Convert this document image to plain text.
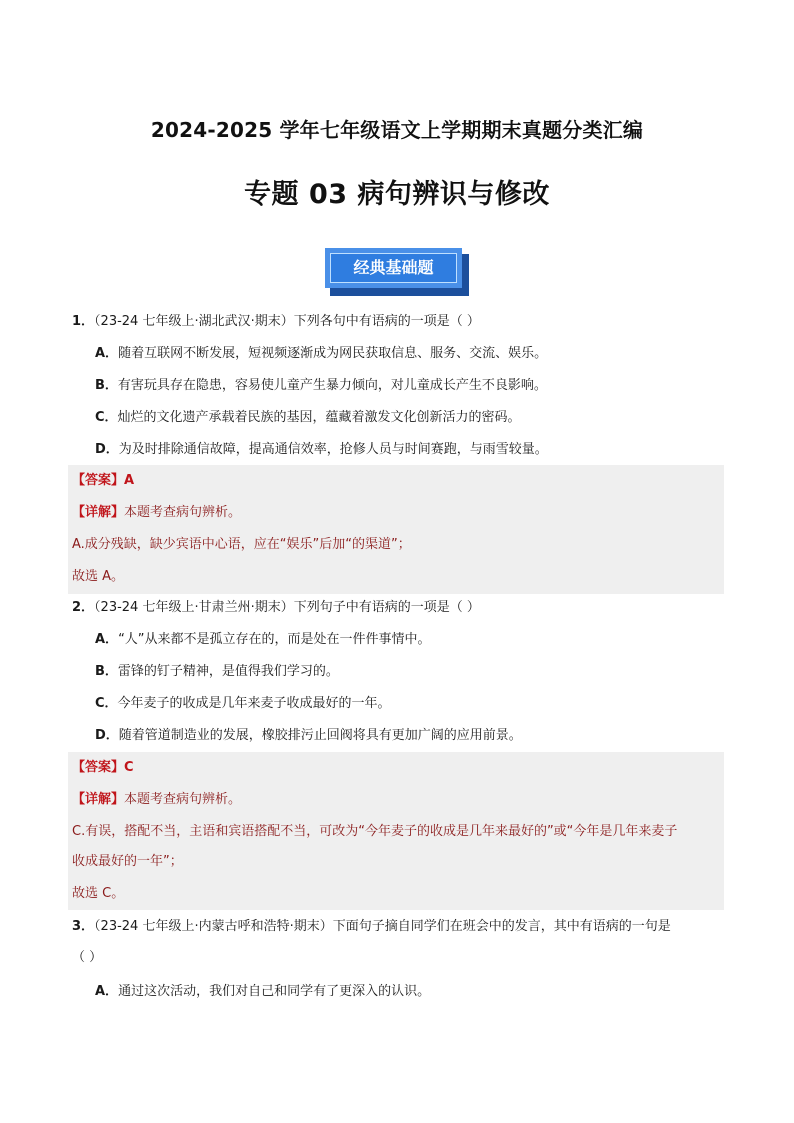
2024-2025 学年七年级语文上学期期末真题分类汇编
专题 03 病句辨识与修改
经典基础题
1．（23-24 七年级上·湖北武汉·期末）下列各句中有语病的一项是（ ）
A．随着互联网不断发展，短视频逐渐成为网民获取信息、服务、交流、娱乐。
B．有害玩具存在隐患，容易使儿童产生暴力倾向，对儿童成长产生不良影响。
C．灿烂的文化遗产承载着民族的基因，蕴藏着激发文化创新活力的密码。
D．为及时排除通信故障，提高通信效率，抢修人员与时间赛跑，与雨雪较量。
【答案】A
【详解】本题考查病句辨析。
A.成分残缺，缺少宾语中心语，应在“娱乐”后加“的渠道”；
故选 A。
2．（23-24 七年级上·甘肃兰州·期末）下列句子中有语病的一项是（ ）
A．“人”从来都不是孤立存在的，而是处在一件件事情中。
B．雷锋的钉子精神，是值得我们学习的。
C．今年麦子的收成是几年来麦子收成最好的一年。
D．随着管道制造业的发展，橡胶排污止回阀将具有更加广阔的应用前景。
【答案】C
【详解】本题考查病句辨析。
C.有误，搭配不当，主语和宾语搭配不当，可改为“今年麦子的收成是几年来最好的”或“今年是几年来麦子
收成最好的一年”；
故选 C。
3．（23-24 七年级上·内蒙古呼和浩特·期末）下面句子摘自同学们在班会中的发言，其中有语病的一句是
（ ）
A．通过这次活动，我们对自己和同学有了更深入的认识。
